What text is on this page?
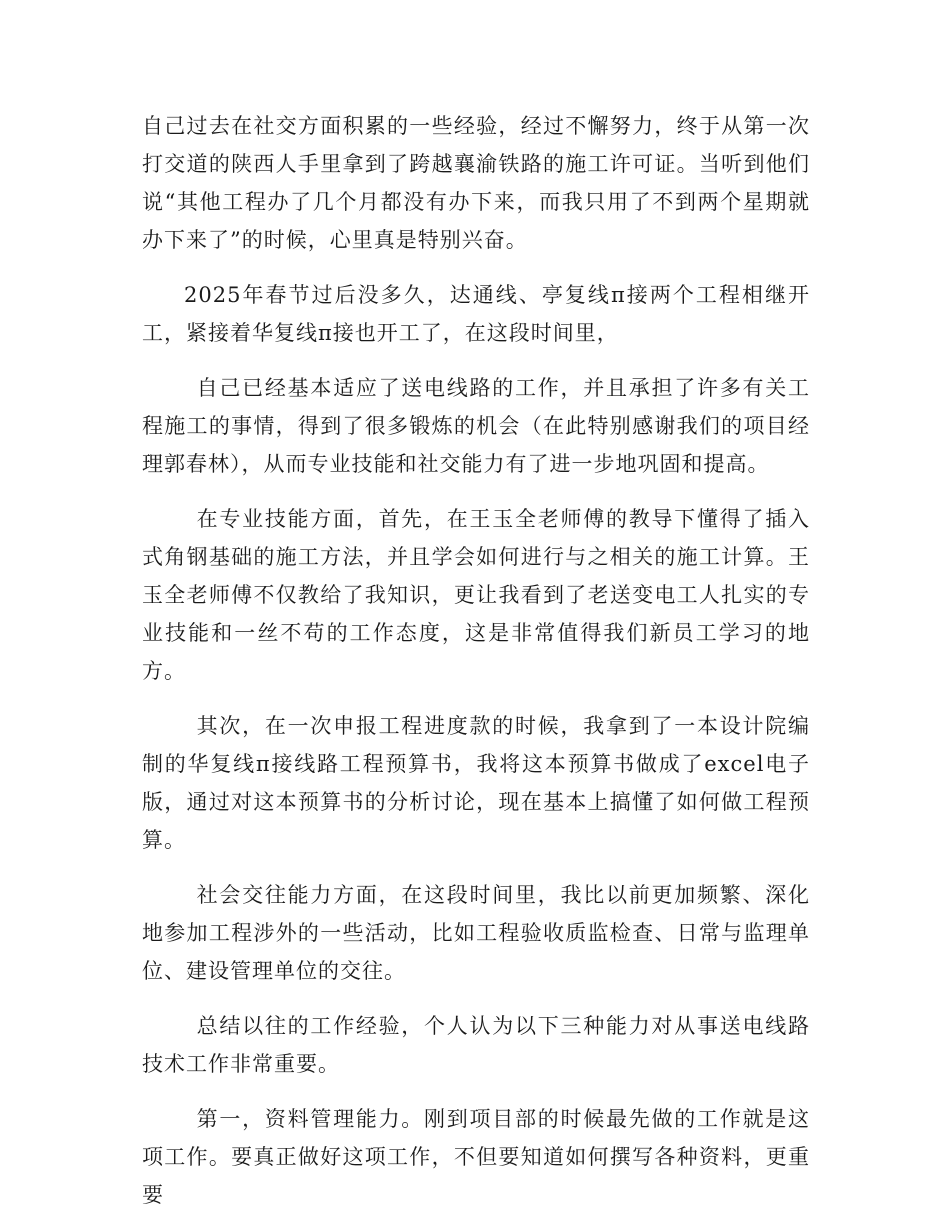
自己过去在社交方面积累的一些经验，经过不懈努力，终于从第一次打交道的陕西人手里拿到了跨越襄渝铁路的施工许可证。当听到他们说“其他工程办了几个月都没有办下来，而我只用了不到两个星期就办下来了”的时候，心里真是特别兴奋。

2025年春节过后没多久，达通线、亭复线π接两个工程相继开工，紧接着华复线π接也开工了，在这段时间里，

自己已经基本适应了送电线路的工作，并且承担了许多有关工程施工的事情，得到了很多锻炼的机会（在此特别感谢我们的项目经理郭春林），从而专业技能和社交能力有了进一步地巩固和提高。

在专业技能方面，首先，在王玉全老师傅的教导下懂得了插入式角钢基础的施工方法，并且学会如何进行与之相关的施工计算。王玉全老师傅不仅教给了我知识，更让我看到了老送变电工人扎实的专业技能和一丝不苟的工作态度，这是非常值得我们新员工学习的地方。

其次，在一次申报工程进度款的时候，我拿到了一本设计院编制的华复线π接线路工程预算书，我将这本预算书做成了excel电子版，通过对这本预算书的分析讨论，现在基本上搞懂了如何做工程预算。

社会交往能力方面，在这段时间里，我比以前更加频繁、深化地参加工程涉外的一些活动，比如工程验收质监检查、日常与监理单位、建设管理单位的交往。

总结以往的工作经验，个人认为以下三种能力对从事送电线路技术工作非常重要。

第一，资料管理能力。刚到项目部的时候最先做的工作就是这项工作。要真正做好这项工作，不但要知道如何撰写各种资料，更重要
